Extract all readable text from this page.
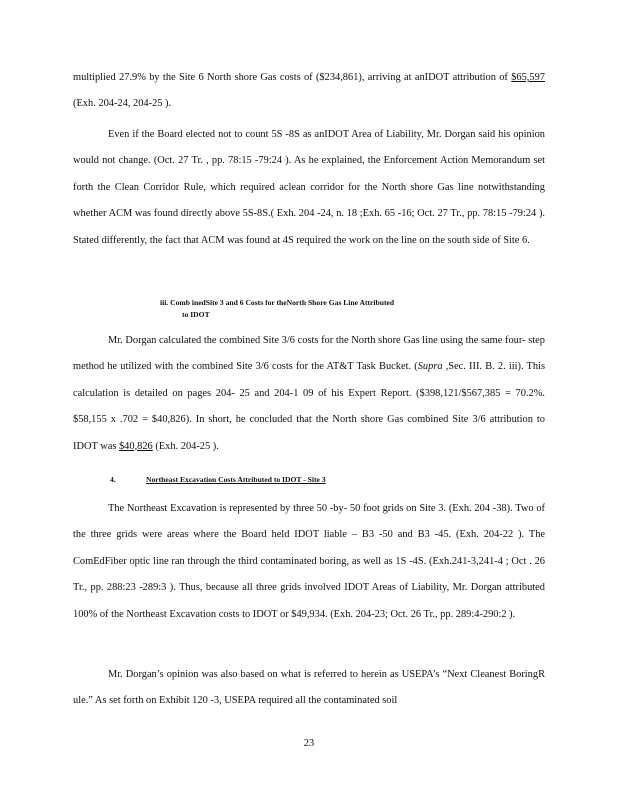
multiplied 27.9% by the Site 6 North shore Gas costs of ($234,861), arriving at anIDOT attribution of $65,597 (Exh. 204-24, 204-25 ).

Even if the Board elected not to count 5S -8S as anIDOT Area of Liability, Mr. Dorgan said his opinion would not change. (Oct. 27 Tr. , pp. 78:15 -79:24 ). As he explained, the Enforcement Action Memorandum set forth the Clean Corridor Rule, which required aclean corridor for the North shore Gas line notwithstanding whether ACM was found directly above 5S-8S.( Exh. 204 -24, n. 18 ;Exh. 65 -16; Oct. 27 Tr., pp. 78:15 -79:24 ). Stated differently, the fact that ACM was found at 4S required the work on the line on the south side of Site 6.

iii. Comb inedSite 3 and 6 Costs for theNorth Shore Gas Line Attributed
to IDOT

Mr. Dorgan calculated the combined Site 3/6 costs for the North shore Gas line using the same four- step method he utilized with the combined Site 3/6 costs for the AT&T Task Bucket. (Supra ,Sec. III. B. 2. iii). This calculation is detailed on pages 204- 25 and 204-1 09 of his Expert Report. ($398,121/$567,385 = 70.2%. $58,155 x .702 = $40,826). In short, he concluded that the North shore Gas combined Site 3/6 attribution to IDOT was $40,826 (Exh. 204-25 ).

4.	Northeast Excavation Costs Attributed to IDOT - Site 3

The Northeast Excavation is represented by three 50 -by- 50 foot grids on Site 3. (Exh. 204 -38). Two of the three grids were areas where the Board held IDOT liable – B3 -50 and B3 -45. (Exh. 204-22 ). The ComEdFiber optic line ran through the third contaminated boring, as well as 1S -4S. (Exh.241-3,241-4 ; Oct . 26 Tr., pp. 288:23 -289:3 ). Thus, because all three grids involved IDOT Areas of Liability, Mr. Dorgan attributed 100% of the Northeast Excavation costs to IDOT or $49,934. (Exh. 204-23; Oct. 26 Tr., pp. 289:4-290:2 ).

Mr. Dorgan’s opinion was also based on what is referred to herein as USEPA’s “Next Cleanest BoringR ule.” As set forth on Exhibit 120 -3, USEPA required all the contaminated soil

23
